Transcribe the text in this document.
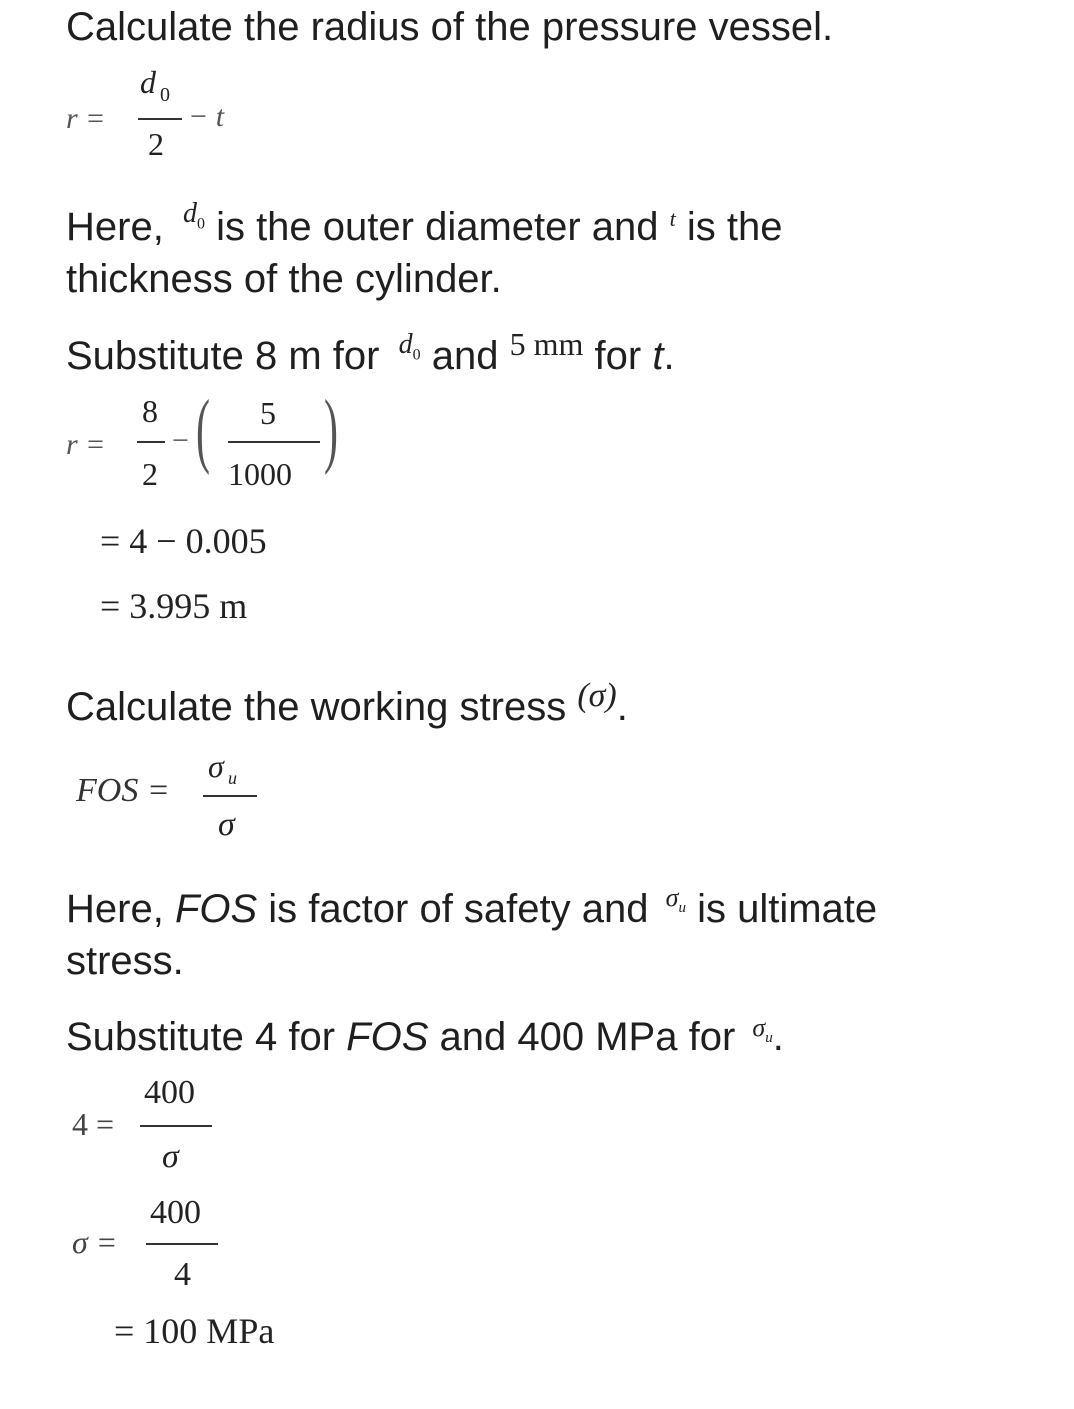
Calculate the radius of the pressure vessel.
r =
d 0
2
− t
Here, $^{d_0}$ is the outer diameter and $^t$ is the
thickness of the cylinder.
Substitute 8 m for $^{d_0}$ and $^{5 mm}$ for t.
r =
8
2
− ( 5
1000 )
= 4 − 0.005
= 3.995 m
Calculate the working stress $^{(\sigma)}$.
FOS =
σ u
σ
Here, FOS is factor of safety and $^{\sigma_u}$ is ultimate
stress.
Substitute 4 for FOS and 400 MPa for $^{\sigma_u}$.
4 =
400
σ
σ =
400
4
= 100 MPa
